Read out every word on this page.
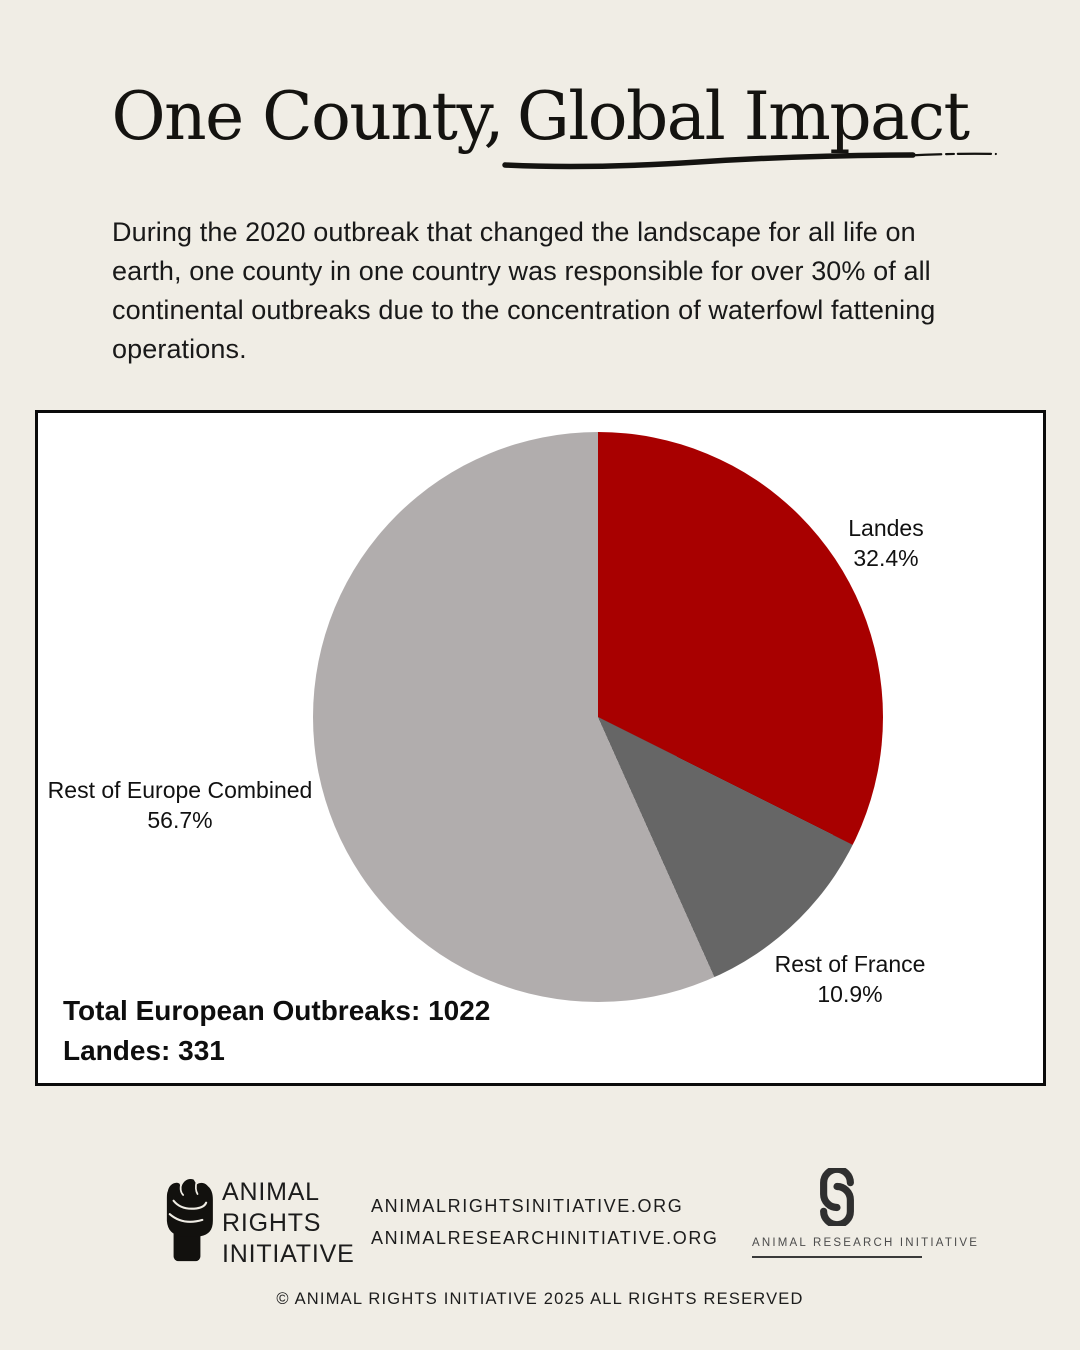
One County, Global Impact

During the 2020 outbreak that changed the landscape for all life on earth, one county in one country was responsible for over 30% of all continental outbreaks due to the concentration of waterfowl fattening operations.

Landes
32.4%
Rest of Europe Combined
56.7%
Rest of France
10.9%
Total European Outbreaks: 1022
Landes: 331
ANIMAL
RIGHTS
INITIATIVE
ANIMALRIGHTSINITIATIVE.ORG
ANIMALRESEARCHINITIATIVE.ORG	ANIMAL RESEARCH INITIATIVE
© ANIMAL RIGHTS INITIATIVE 2025 ALL RIGHTS RESERVED
